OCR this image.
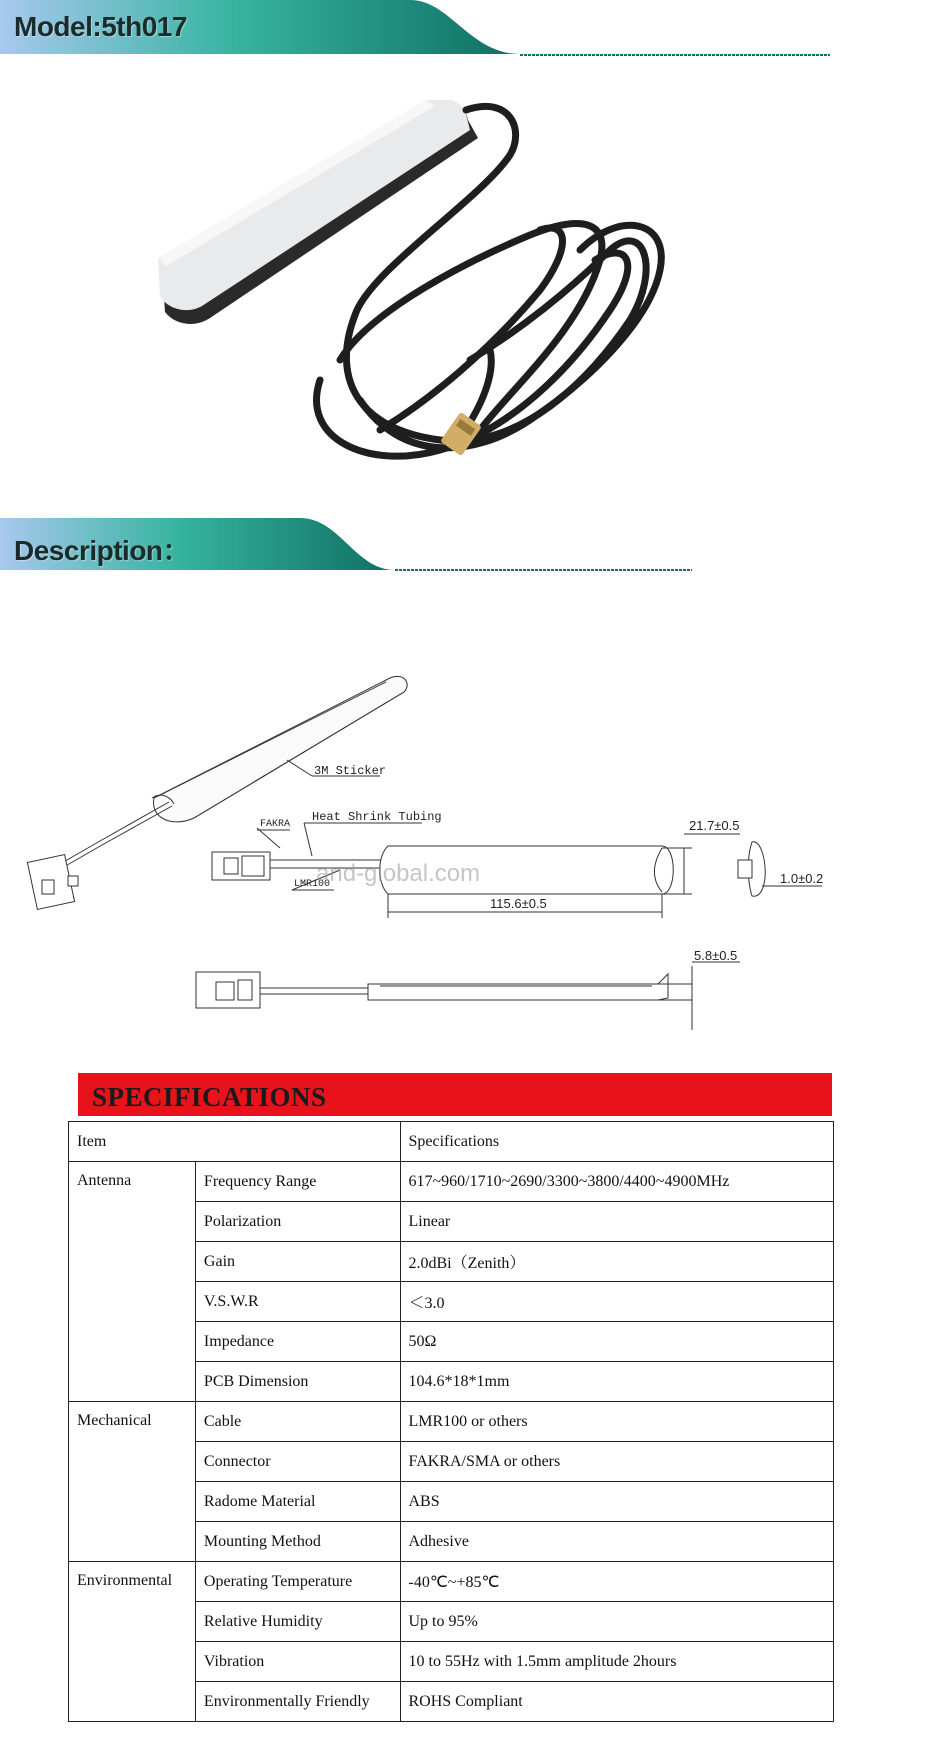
Model:5th017
Description：
3M Sticker
FAKRA
Heat Shrink Tubing
LMR100
21.7±0.5
115.6±0.5
1.0±0.2
5.8±0.5
and-global.com
SPECIFICATIONS
Item		Specifications
Antenna	Frequency Range	617~960/1710~2690/3300~3800/4400~4900MHz
	Polarization	Linear
	Gain	2.0dBi（Zenith）
	V.S.W.R	＜3.0
	Impedance	50Ω
	PCB Dimension	104.6*18*1mm
Mechanical	Cable	LMR100 or others
	Connector	FAKRA/SMA or others
	Radome Material	ABS
	Mounting Method	Adhesive
Environmental	Operating Temperature	-40℃~+85℃
	Relative Humidity	Up to 95%
	Vibration	10 to 55Hz with 1.5mm amplitude 2hours
	Environmentally Friendly	ROHS Compliant
